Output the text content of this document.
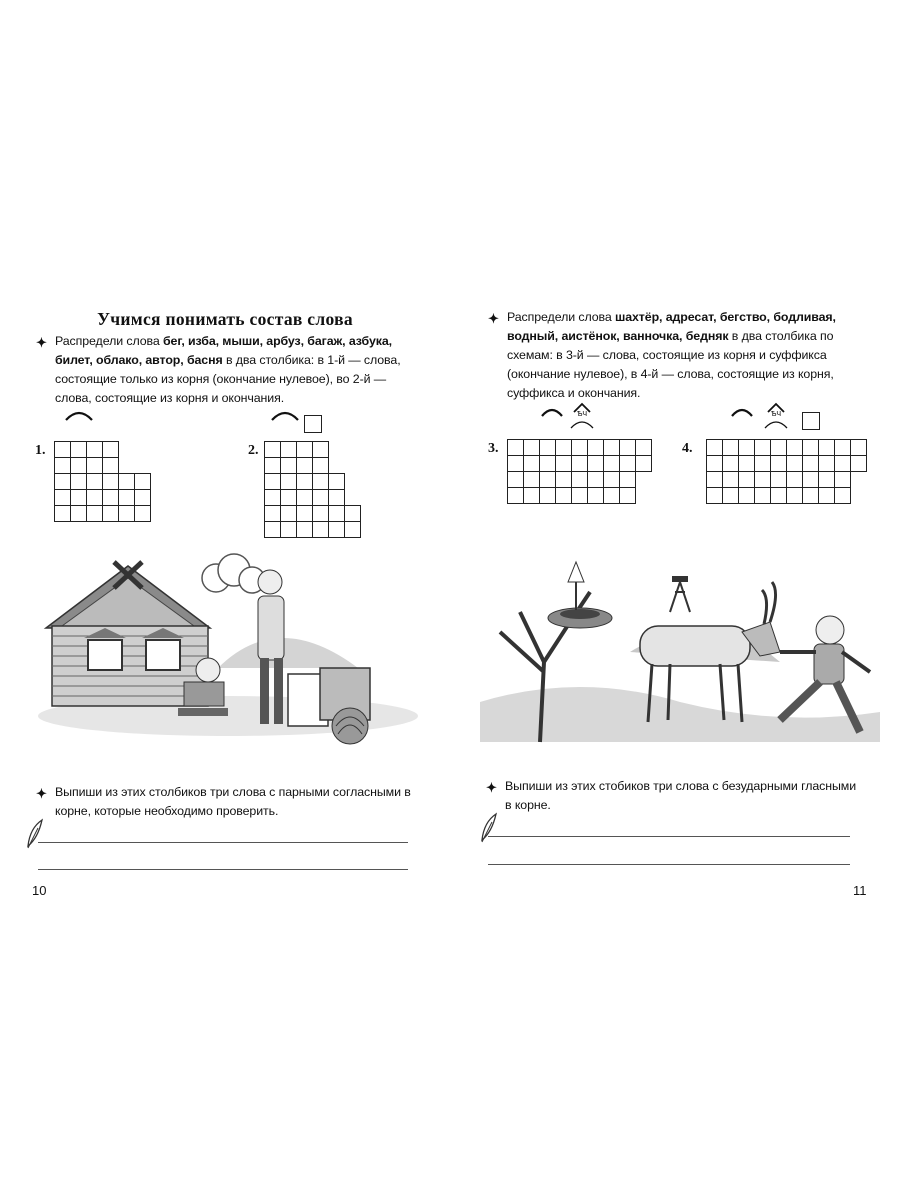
Учимся понимать состав слова
✦ Распредели слова бег, изба, мыши, арбуз, багаж, азбука, билет, облако, автор, басня в два столбика: в 1-й — слова, состоящие только из корня (окончание нулевое), во 2-й — слова, состоящие из корня и окончания.
1.	2.
✦ Выпиши из этих столбиков три слова с парными согласными в корне, которые необходимо проверить.
10
✦ Распредели слова шахтёр, адресат, бегство, бодливая, водный, аистёнок, ванночка, бедняк в два столбика по схемам: в 3-й — слова, состоящие из корня и суффикса (окончание нулевое), в 4-й — слова, состоящие из корня, суффикса и окончания.
ѢЧ	ѢЧ
3.	4.
✦ Выпиши из этих стобиков три слова с безударными гласными в корне.
11
